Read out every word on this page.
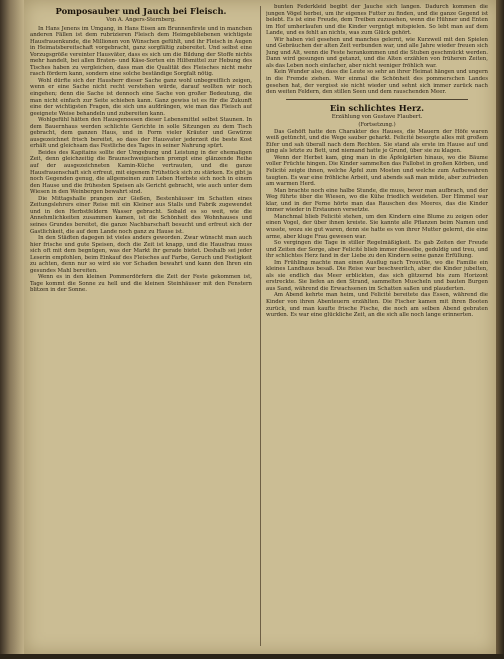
Pomposauber und Jauch bei Fleisch.
Von A. Angers-Sternberg.

In Hans Jenens im Umgang, in Hans Eisen am Brunnenfirste und in manchen anderen Fällen ist dem rubrizieren Fleisch dem Heimgebliebenen wichtigste Hausfrauenkunde, die Millionen von Wünschen gefühlt, und ihr Fleisch in Augen in Heimatsbereitschaft vorgebracht, ganz sorgfältig zubereitet. Und selbst eine Vorzugsgröße vereinter Hausväter, dass es sich um die Bildung der Stoffe nichts mehr handelt, bei allen Braten- und Käse-Sorten ein Hilfsmittel zur Hebung des Tisches haben zu vergleichen, dass man die Qualität des Fleisches nicht mehr rasch fördern kann, sondern eine solche beständige Sorgfalt nötig.

Wohl dürfte sich der Hausherr dieser Sache ganz wohl unbegreiflich zeigen, wenn er eine Sache nicht recht verstehen würde, darauf wollten wir noch eingehen; denn die Sache ist dennoch eine Sache von großer Bedeutung, die man nicht einfach zur Seite schieben kann. Ganz gewiss ist es für die Zukunft eine der wichtigsten Fragen, die sich uns aufdrängen, wie man das Fleisch auf geeignete Weise behandeln und zubereiten kann.

Wohlgefühl hätten den Hausgenossen dieser Lebensmittel selbst Staunen. In dem Bauernhaus werden schlichte Gerichte in solle Sitzungen zu dem Tisch gebracht, dem ganzen Haus, und in Form vieler Kräuter und Gewürze ausgezeichnet frisch bereitet, so dass der Hausvater jederzeit die beste Kost erhält und gleichsam das Festliche des Tages in seiner Nahrung spürt.

Beides des Kapitains sollte der Umgebung und Leistung in der ehemaligen Zeit, denn gleichzeitig die Braunschweigischen prompt eine glänzende Reihe auf der ausgezeichneten Kamin-Küche vertrauten, und die ganze Hausfrauenschaft sich erfreut, mit eigenem Frühstück sich zu stärken. Es gibt ja noch Gegenden genug, die allgemeinen zum Leben Herbste sich noch in einem den Hause und die frühesten Speisen als Gericht gebracht, wie auch unter dem Wiesen in den Weinbergen bewahrt sind.

Die Mittagshalle prangen zur Gießen, Bestenhäuser im Schatten eines Zeitungslehrers einer Reise mit ein Kleiner aus Stalls und Fabrik zugewendet und in den Herbstfeldern Wasser gebracht. Sobald es so weit, wie die Annehmlichkeiten zusammen kamen, ist die Schönheit des Wohnhauses und seines Grundes bereitet, die ganze Nachbarschaft besucht und erfreut sich der Gastlichkeit, die auf dem Lande noch ganz zu Hause ist.

In den Städten dagegen ist vieles anders geworden. Zwar wünscht man auch hier frische und gute Speisen, doch die Zeit ist knapp, und die Hausfrau muss sich oft mit dem begnügen, was der Markt ihr gerade bietet. Deshalb sei jeder Leserin empfohlen, beim Einkauf des Fleisches auf Farbe, Geruch und Festigkeit zu achten, denn nur so wird sie vor Schaden bewahrt und kann den Ihren ein gesundes Mahl bereiten.

Wenn es in den kleinen Pommerdörfern die Zeit der Feste gekommen ist, Tage kommt die Sonne zu hell und die kleinen Steinhäuser mit den Fenstern blitzen in der Sonne.

bunten Federkleid begibt der Jauche sich langen. Dadurch kommen die jungen Vögel herbei, um ihr eigenes Futter zu finden, und die ganze Gegend ist belebt. Es ist eine Freude, dem Treiben zuzusehen, wenn die Hühner und Enten im Hof umherlaufen und die Kinder vergnügt mitspielen. So lebt man auf dem Lande, und es fehlt an nichts, was zum Glück gehört.

Wir haben viel gesehen und manches gelernt, wie Kurzweil mit den Spielen und Gebräuchen der alten Zeit verbunden war, und alle Jahre wieder freuen sich Jung und Alt, wenn die Feste herankommen und die Stuben geschmückt werden. Dann wird gesungen und getanzt, und die Alten erzählen von früheren Zeiten, als das Leben noch einfacher, aber nicht weniger fröhlich war.

Kein Wunder also, dass die Leute so sehr an ihrer Heimat hängen und ungern in die Fremde ziehen. Wer einmal die Schönheit des pommerschen Landes gesehen hat, der vergisst sie nicht wieder und sehnt sich immer zurück nach den weiten Feldern, den stillen Seen und dem rauschenden Meer.

Ein schlichtes Herz.
Erzählung von Gustave Flaubert.
(Fortsetzung.)

Das Gehöft hatte den Charakter des Hauses, die Mauern der Höfe waren weiß getüncht, und die Wege sauber geharkt. Felicité besorgte alles mit großem Eifer und sah überall nach dem Rechten. Sie stand als erste im Hause auf und ging als letzte zu Bett, und niemand hatte je Grund, über sie zu klagen.

Wenn der Herbst kam, ging man in die Äpfelgärten hinaus, wo die Bäume voller Früchte hingen. Die Kinder sammelten das Fallobst in großen Körben, und Felicité zeigte ihnen, welche Äpfel zum Mosten und welche zum Aufbewahren taugten. Es war eine fröhliche Arbeit, und abends saß man müde, aber zufrieden am warmen Herd.

Man brachte noch eine halbe Stunde, die muss, bevor man aufbrach, und der Weg führte über die Wiesen, wo die Kühe friedlich weideten. Der Himmel war klar, und in der Ferne hörte man das Rauschen des Meeres, das die Kinder immer wieder in Erstaunen versetzte.

Manchmal blieb Felicité stehen, um den Kindern eine Blume zu zeigen oder einen Vogel, der über ihnen kreiste. Sie kannte alle Pflanzen beim Namen und wusste, wozu sie gut waren, denn sie hatte es von ihrer Mutter gelernt, die eine arme, aber kluge Frau gewesen war.

So vergingen die Tage in stiller Regelmäßigkeit. Es gab Zeiten der Freude und Zeiten der Sorge, aber Felicité blieb immer dieselbe, geduldig und treu, und ihr schlichtes Herz fand in der Liebe zu den Kindern seine ganze Erfüllung.

Im Frühling machte man einen Ausflug nach Trouville, wo die Familie ein kleines Landhaus besaß. Die Reise war beschwerlich, aber die Kinder jubelten, als sie endlich das Meer erblickten, das sich glitzernd bis zum Horizont erstreckte. Sie liefen an den Strand, sammelten Muscheln und bauten Burgen aus Sand, während die Erwachsenen im Schatten saßen und plauderten.

Am Abend kehrte man heim, und Felicité bereitete das Essen, während die Kinder von ihren Abenteuern erzählten. Die Fischer kamen mit ihren Booten zurück, und man kaufte frische Fische, die noch am selben Abend gebraten wurden. Es war eine glückliche Zeit, an die sich alle noch lange erinnerten.
